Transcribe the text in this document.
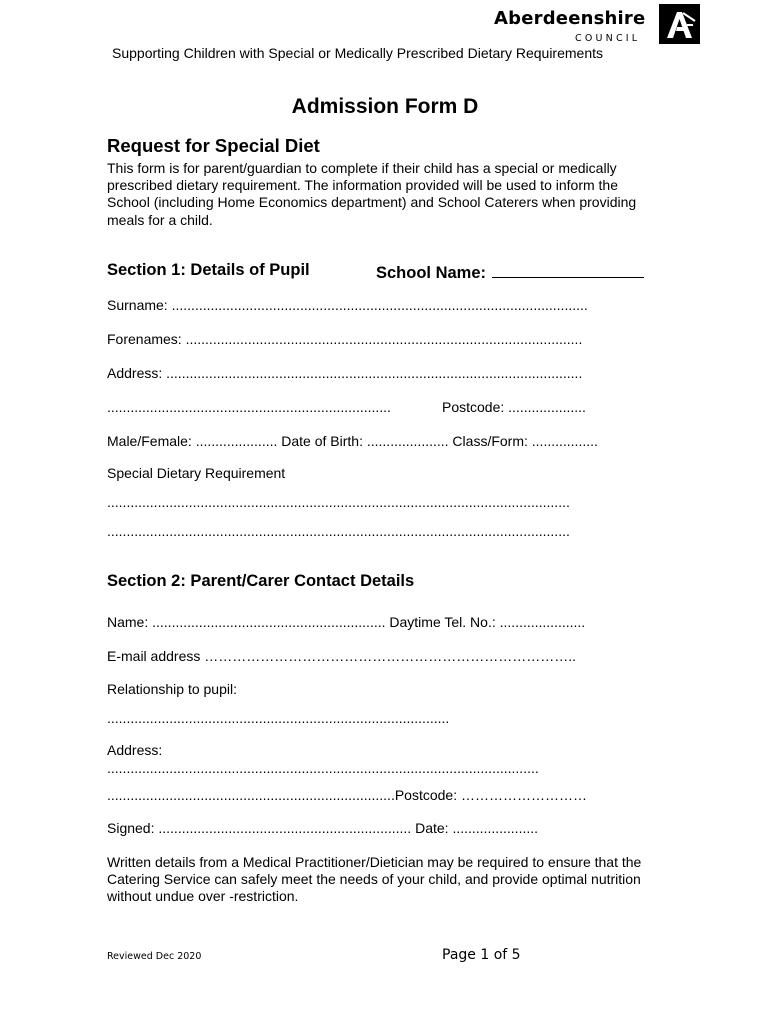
Aberdeenshire
COUNCIL
Supporting Children with Special or Medically Prescribed Dietary Requirements
Admission Form D
Request for Special Diet
This form is for parent/guardian to complete if their child has a special or medically prescribed dietary requirement. The information provided will be used to inform the School (including Home Economics department) and School Caterers when providing meals for a child.
Section 1: Details of Pupil	School Name:
Surname: ...........................................................................................................
Forenames: ......................................................................................................
Address: ...........................................................................................................
.........................................................................	Postcode: ....................
Male/Female: ..................... Date of Birth: ..................... Class/Form: .................
Special Dietary Requirement
.......................................................................................................................
.......................................................................................................................
Section 2: Parent/Carer Contact Details
Name: ............................................................ Daytime Tel. No.: ......................
E-mail address ……………………………………………………………………..
Relationship to pupil:
........................................................................................
Address:
...............................................................................................................
..........................................................................Postcode: ………………………
Signed: ................................................................. Date: ......................
Written details from a Medical Practitioner/Dietician may be required to ensure that the Catering Service can safely meet the needs of your child, and provide optimal nutrition without undue over -restriction.
Reviewed Dec 2020	Page 1 of 5
